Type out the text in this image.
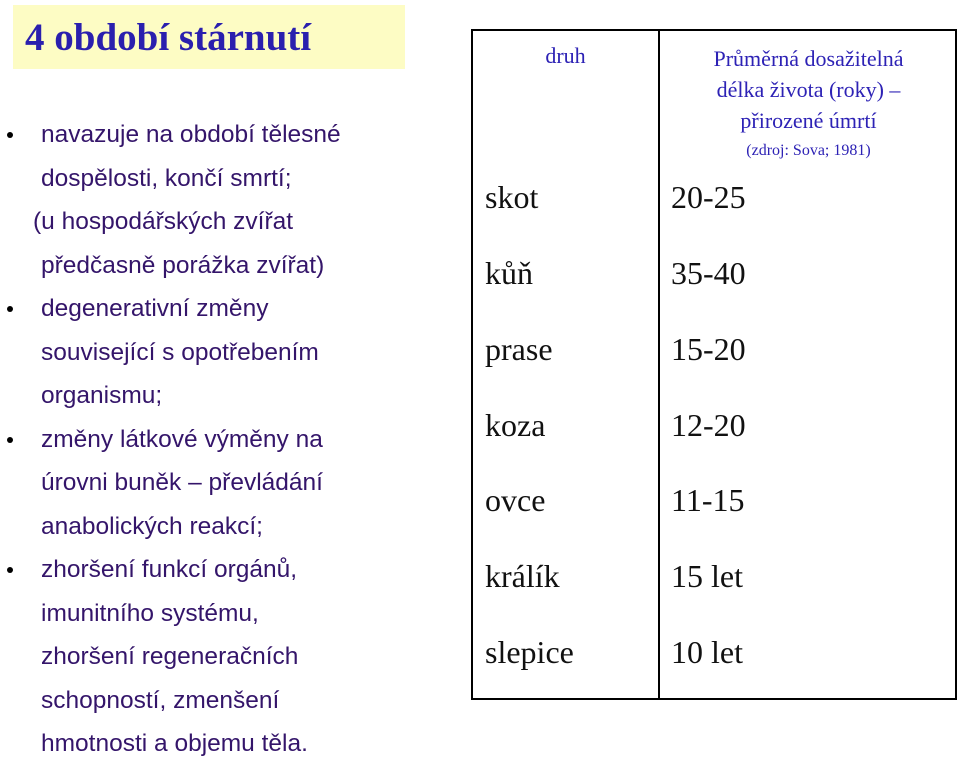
4 období stárnutí
navazuje na období tělesné
dospělosti, končí smrtí;
(u hospodářských zvířat
předčasně porážka zvířat)
degenerativní změny
související s opotřebením
organismu;
změny látkové výměny na
úrovni buněk – převládání
anabolických reakcí;
zhoršení funkcí orgánů,
imunitního systému,
zhoršení regeneračních
schopností, zmenšení
hmotnosti a objemu těla.
druh	Průměrná dosažitelná
délka života (roky) –
přirozené úmrtí
(zdroj: Sova; 1981)
skot	20-25
kůň	35-40
prase	15-20
koza	12-20
ovce	11-15
králík	15 let
slepice	10 let
